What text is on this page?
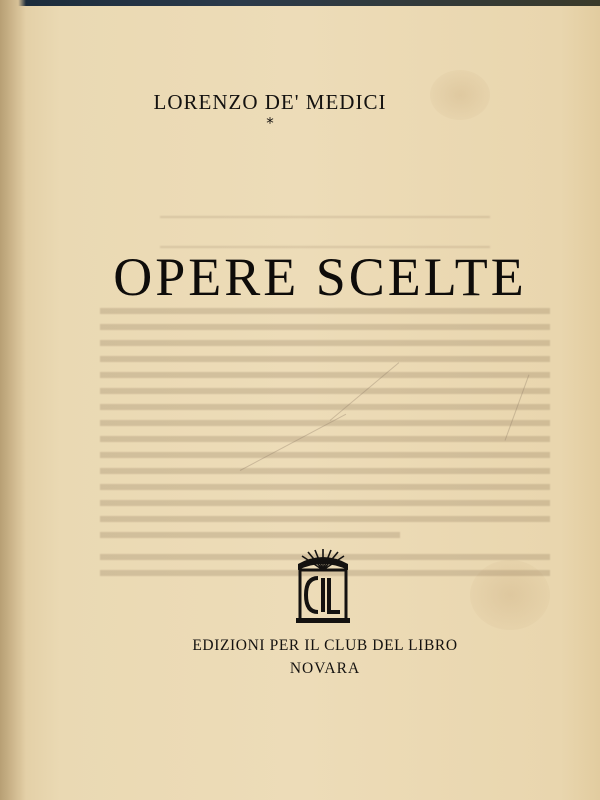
LORENZO DE' MEDICI
*
OPERE SCELTE
EDIZIONI PER IL CLUB DEL LIBRO
NOVARA
